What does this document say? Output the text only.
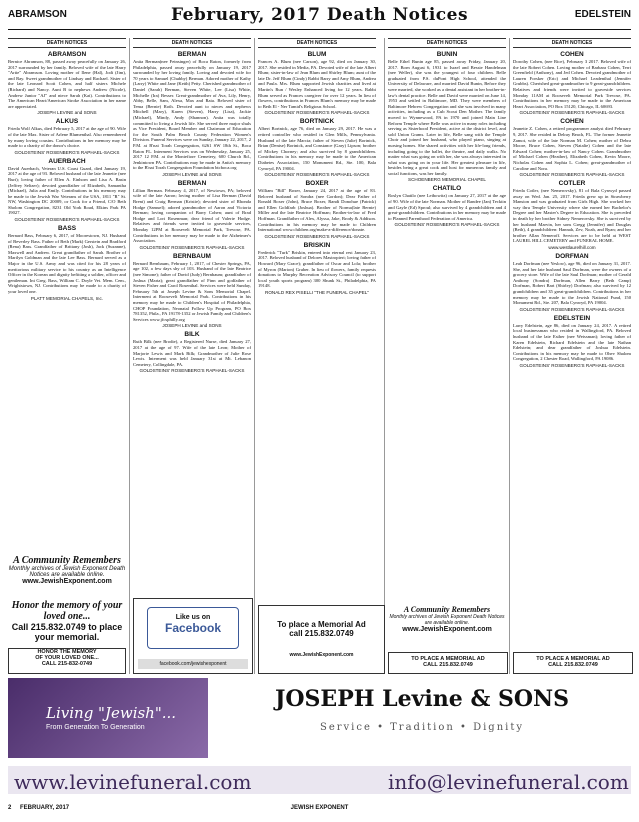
ABRAMSON	February, 2017 Death Notices	EDELSTEIN
DEATH NOTICES
ABRAMSON
Bernice Abramson, 88, passed away peacefully on January 26, 2017 surrounded by her family. Beloved wife of the late Harry "Artie" Abramson. Loving mother of Ilene (Hal), Jodi (Jim), and Ray. Sweet grandmother of Lindsay and Rachael. Sister of the late Leonard Scott Cohen, and half sisters Michele (Richard) and Nancy. Aunt B to nephews Andrew (Nicole), Andrew Junior "AJ" and niece Sarah (Kai). Contributions to The American Heart/American Stroke Association in her name are appreciated.
JOSEPH LEVINE and SONS
ALKUS
Frieda Wolf Alkus, died February 5, 2017 at the age of 90. Wife of the late Max. Sister of Arlene Blumenthal. Also remembered by many loving cousins. Contributions in her memory may be made to a charity of the donor's choice.
GOLDSTEINS' ROSENBERG'S RAPHAEL-SACKS
AUERBACH
David Auerbach, Veteran U.S. Coast Guard, died January 19, 2017 at the age of 93. Beloved husband of the late Jeanette (nee Burt); loving father of Ellen A. Einhorn and Lisa A. Basin (Jeffrey Seltzer); devoted grandfather of Elizabeth, Samantha (Michael), Julia and Emily. Contributions in his memory may be made to the Jewish War Veterans of the USA, 1811 "R" St. NW, Washington DC 20009, or Cook for a Friend, C/O Beth Sholom Congregation, 8231 Old York Road, Elkins Park PA 19027.
GOLDSTEINS' ROSENBERG'S RAPHAEL-SACKS
BASS
Bernard Bass, February 6, 2017, of Moorestown, NJ. Husband of Beverley Bass. Father of Beth (Mark) Gerstein and Bradford (Rena) Bass. Grandfather of Brittany (Josh), Jack (Suzanne), Maxwell and Andrew. Great grandfather of Sarah. Brother of Marilyn Goldman and the late Lee Bass. Bernard served as a Major in the U.S. Army and was cited for his 28 years of meritorious military service to his country as an Intelligence Officer in the Korean and dignity befitting a soldier, officer and gentleman. Int Greg. Bass, William C. Doyle Vet. Mem. Cem., Wrightstown, NJ. Contributions may be made to a charity of your loved one.
PLATT MEMORIAL CHAPELS, Inc.
DEATH NOTICES
BERMAN
Anita Berman(nee Feinsinger) of Boca Raton, formerly from Philadelphia, passed away peacefully on January 19, 2017 surrounded by her loving family. Loving and devoted wife for 70 years to Samuel (Chubby) Berman. Adored mother of Kathy (Larry) White and Jane (Keith) Petty. Cherished grandmother of Daniel (Sarah) Berman, Steven White, Lee (Lisa) White, Michelle (Ira) Besser. Great-grandmother of Ava, Lily, Henry, Abby, Belle, Sam, Alexa, Max and Raia. Beloved sister of Tema (Bernie) Roth. Devoted aunt to nieces and nephews Mitchell (Mary), Karen (Steven), Harry (Lisa), Jackie (Michael), Mindy, Andy (Shannon). Anita was totally committed to living a Jewish life. She served three major shuls as Vice President, Board Member and Chairman of Education for the South Palm Beach County Federation Women's Division. Funeral Services were on Sunday, January 22, 2017, 2 P.M. at B'nai Torah Congregation, 6261 SW 18th St., Boca Raton FL. Interment Services was on Wednesday, January 25, 2017 12 P.M. at the Montefiore Cemetery, 600 Church Rd., Jenkintown PA. Contributions may be made in Anita's memory to the B'nai Torah Congregation Foundation btcboca.org
JOSEPH LEVINE and SONS
BERMAN
Lillian Berman. February 4, 2017, of Newtown, PA; beloved wife of the late Aaron; loving mother of Lisa Berman (David Brent) and Craig Berman (Kristie); devoted sister of Rhonda Hodge (Samuel); adored grandmother of Aaron and Victoria Berman; loving companion of Barry Cohen; aunt of Brad Hodge and Lori Rosenman; dear friend of Valerie Hodge. Relatives and friends were invited to graveside services, Monday 12PM at Roosevelt Memorial Park, Trevose, PA. Contributions in her memory may be made to the Alzheimer's Association.
GOLDSTEINS' ROSENBERG'S RAPHAEL-SACKS
BERNBAUM
Bernard Bernbaum, February 1, 2017, of Chester Springs, PA, age 102, a few days shy of 103. Husband of the late Beatrice (nee Simone); father of David (Judy) Bernbaum; grandfather of Joshua (Marta); great grandfather of Finn and godfather of Steven Fisher and Carol Rosenthal. Services were held Sunday, February 5th at Joseph Levine & Sons Memorial Chapel. Interment at Roosevelt Memorial Park. Contributions in his memory may be made to Children's Hospital of Philadelphia, CHOP Foundation, Neonatal Follow Up Program, PO Box 781352, Phila., PA 19178-1352 or Jewish Family and Children's Services www.jfcsphilly.org
JOSEPH LEVINE and SONS
BILK
Ruth Bilk (nee Brodie), a Registered Nurse, died January 27, 2017 at the age of 97. Wife of the late Leon; Mother of Marjorie Lewis and Mark Bilk; Grandmother of Julie Rose Lewis. Interment was held January 31st at Mt. Lebanon Cemetery, Collingdale, PA.
GOLDSTEINS' ROSENBERG'S RAPHAEL-SACKS
DEATH NOTICES
BLUM
Frances A. Blum (nee Carson), age 92, died on January 30, 2017. She resided in Media, PA. Devoted wife of the late Albert Blum; sister-in-law of Jean Blum and Shirley Blum; aunt of the late Dr. Jeff Blum (Cindy) Rabbi Barry and Amy Blum, Andrea and Paula. Mrs. Blum supported Jewish charities and lived at Martin's Run / Wesley Enhanced living for 12 years. Rabbi Blum served as Frances caregiver for over 12 years. In lieu of flowers, contributions in Frances Blum's memory may be made to Beth El - Ner Tamid's Religious School.
GOLDSTEINS' ROSENBERG'S RAPHAEL-SACKS
BORTNICK
Albert Bortnick, age 76, died on January 29, 2017. He was a retired controller who resided in Glen Mills, Pennsylvania. Husband of the late Marcia; father of Steven (Julie) Bortnick, Brian (Denise) Bortnick, and Constance (Gary) Lipson; brother of Mickey Chorney; and also survived by 8 grandchildren. Contributions in his memory may be made to the American Diabetes Association, 150 Monument Rd., Ste. 100, Bala Cynwyd, PA 19004.
GOLDSTEINS' ROSENBERG'S RAPHAEL-SACKS
BOXER
William "Bill" Boxer, January 24, 2017 at the age of 83. Beloved husband of Sondra (nee Gordon); Dear Father of Ronald Boxer (John), Bruce Boxer, Randi Donohue (Patrick) and Ellen Goldfarb (Joshua). Brother of Norma(late Bernie) Miller and the late Beatrice Hoffman; Brother-in-law of Fred Hoffman. Grandfather of Alex, Alyssa, Jake, Brody & Addison. Contributions in his memory may be made to Children International www.children.org/make-a-difference/donate.
GOLDSTEINS' ROSENBERG'S RAPHAEL-SACKS
BRISKIN
Frederick "Turk" Briskin, entered into eternal rest January 23, 2017. Beloved husband of Delores Mastropieri; loving father of Howard (Mary Grace); grandfather of Oscar and Lola; brother of Myron (Marion) Gruber. In lieu of flowers, family requests donations to Murphy Recreation Advisory Council (to support local youth sports program) 300 Shunk St., Philadelphia, PA 19148.
RONALD REX PISELLI "THE FUNERAL CHAPEL"
DEATH NOTICES
BUNIN
Belle Ethel Bunin age 85, passed away Friday, January 20, 2017. Born August 6, 1931 to Israel and Bessie Handelman (nee Weller), she was the youngest of four children. Belle graduated from P.S. duPont High School, attended the University of Delaware, and married David Bunin, Before they were married, she worked as a dental assistant in her brother-in-law's dental practice. Belle and David were married on June 14, 1953 and settled in Baltimore, MD. They were members of Baltimore Hebrew Congregation and she was involved in many activities, including as a Cub Scout Den Mother. The family moved to Wynnewood, PA in 1970 and joined Main Line Reform Temple where Belle was active in many roles including serving as Sisterhood President, active at the district level, and sold Union Grams. Later in life, Belle sang with the Temple Choir and joined her husband, who played piano, singing at nursing homes. She shared activities with her life-long friends, including going to the ballet, the theatre, and daily walks. No matter what was going on with her, she was always interested in what was going on in your life. Her greatest pleasure in life, besides being a great cook and host for numerous family and social functions, was her family.
SCHOENBERG MEMORIAL CHAPEL
CHATILO
Roslyn Chatilo (nee Leibowitz) on January 27, 2017 at the age of 90. Wife of the late Norman. Mother of Randee (Jan) Tecktin and Gayle (Ed) Sproul; also survived by 4 grandchildren and 4 great-grandchildren. Contributions in her memory may be made to Planned Parenthood Federation of America.
GOLDSTEINS' ROSENBERG'S RAPHAEL-SACKS
DEATH NOTICES
COHEN
Dorothy Cohen, (nee Rice), February 3 2017. Beloved wife of the late Robert Cohen. Loving mother of Barbara Cohen, Terri Greenfield (Anthony), and Jed Cohen. Devoted grandmother of Lauren Forsker (Eric) and Michael Leadenthal (Jennifer Grubbs). Cherished great-grandmother to 9 great-grandchildren. Relatives and friends were invited to graveside services Monday 11AM at Roosevelt Memorial Park Trevose, PA. Contributions in her memory may be made to the American Heart Association, PO Box 15120, Chicago, IL 60693.
GOLDSTEINS' ROSENBERG'S RAPHAEL-SACKS
COHEN
Jeanette Z. Cohen, a retired programmer analyst died February 9, 2017. She resided in Delray Beach, FL. The former Jeanette Zamot, wife of the late Norman M. Cohen; mother of Debra Moore, Bruce Cohen, Steven (Natalie) Cohen and the late Edward Cohen; mother-in-law of Nancy Cohen. Grandmother of Michael Cohen (Heather), Elizabeth Cohen, Kevin Moore, Nicholas Cohen and Sophia L. Cohen; great-grandmother of Caroline and Nora.
GOLDSTEINS' ROSENBERG'S RAPHAEL-SACKS
COTLER
Frieda Cotler, (nee Nemerovsky), 81 of Bala Cynwyd passed away on Wed. Jan. 25, 2017. Frieda grew up in Strawberry Mansion and was graduated from Girls High. She worked her way thru Temple University where she earned her Bachelor's Degree and her Master's Degree in Education. She is preceded in death by her brother Sidney Nemerovsky. She is survived by her husband Marvin, her sons Gregg (Jennifer) and Douglas (Beth), 4 grandchildren: Hannah, Zev, Noah, and Ryan; and her brother Allan Nemeroff. Services are to be held at WEST LAUREL HILL CEMETERY and FUNERAL HOME.
www.westlaurelhill.com
DORFMAN
Leah Dorfman (nee Yeslow), age 96, died on January 31, 2017. She, and her late husband Saul Dorfman, were the owners of a grocery store. Wife of the late Saul Dorfman; mother of Gerald Anthony (Sondra) Dorfman, Allen Barry (Beth Camp) Dorfman, Robert Bart (Shirley) Dorfman; also survived by 12 grandchildren and 35 great-grandchildren. Contributions in her memory may be made to the Jewish National Fund, 150 Monument Rd., Ste. 207, Bala Cynwyd, PA 19004.
GOLDSTEINS' ROSENBERG'S RAPHAEL-SACKS
EDELSTEIN
Larry Edelstein, age 86, died on January 24, 2017. A retired local businessman who resided in Wallingford, PA. Beloved husband of the late Esther (nee Weissman); loving father of Karen Edelstein, Richard Edelstein and the late Nathan Edelstein; and dear grandfather of Joshua Edelstein. Contributions in his memory may be made to Ohev Shalom Congregation, 2 Chester Road, Wallingford, PA 19086.
GOLDSTEINS' ROSENBERG'S RAPHAEL-SACKS
A Community Remembers
Monthly archives of Jewish Exponent Death Notices are available online.
www.JewishExponent.com
Honor the memory of your loved one...
Call 215.832.0749 to place your memorial.
HONOR THE MEMORY
OF YOUR LOVED ONE...
CALL 215-832-0749
Like us on
Facebook
facebook.com/jewishexponent
To place a Memorial Ad
call 215.832.0749
www.JewishExponent.com
A Community Remembers
Monthly archives of Jewish Exponent Death Notices are available online.
www.JewishExponent.com
TO PLACE A MEMORIAL AD
CALL 215.832.0749
TO PLACE A MEMORIAL AD
CALL 215.832.0749
Living "Jewish"...
From Generation To Generation
JOSEPH Levine & SONS
Service • Tradition • Dignity
www.levinefuneral.com	info@levinefuneral.com
2 FEBRUARY, 2017	JEWISH EXPONENT
